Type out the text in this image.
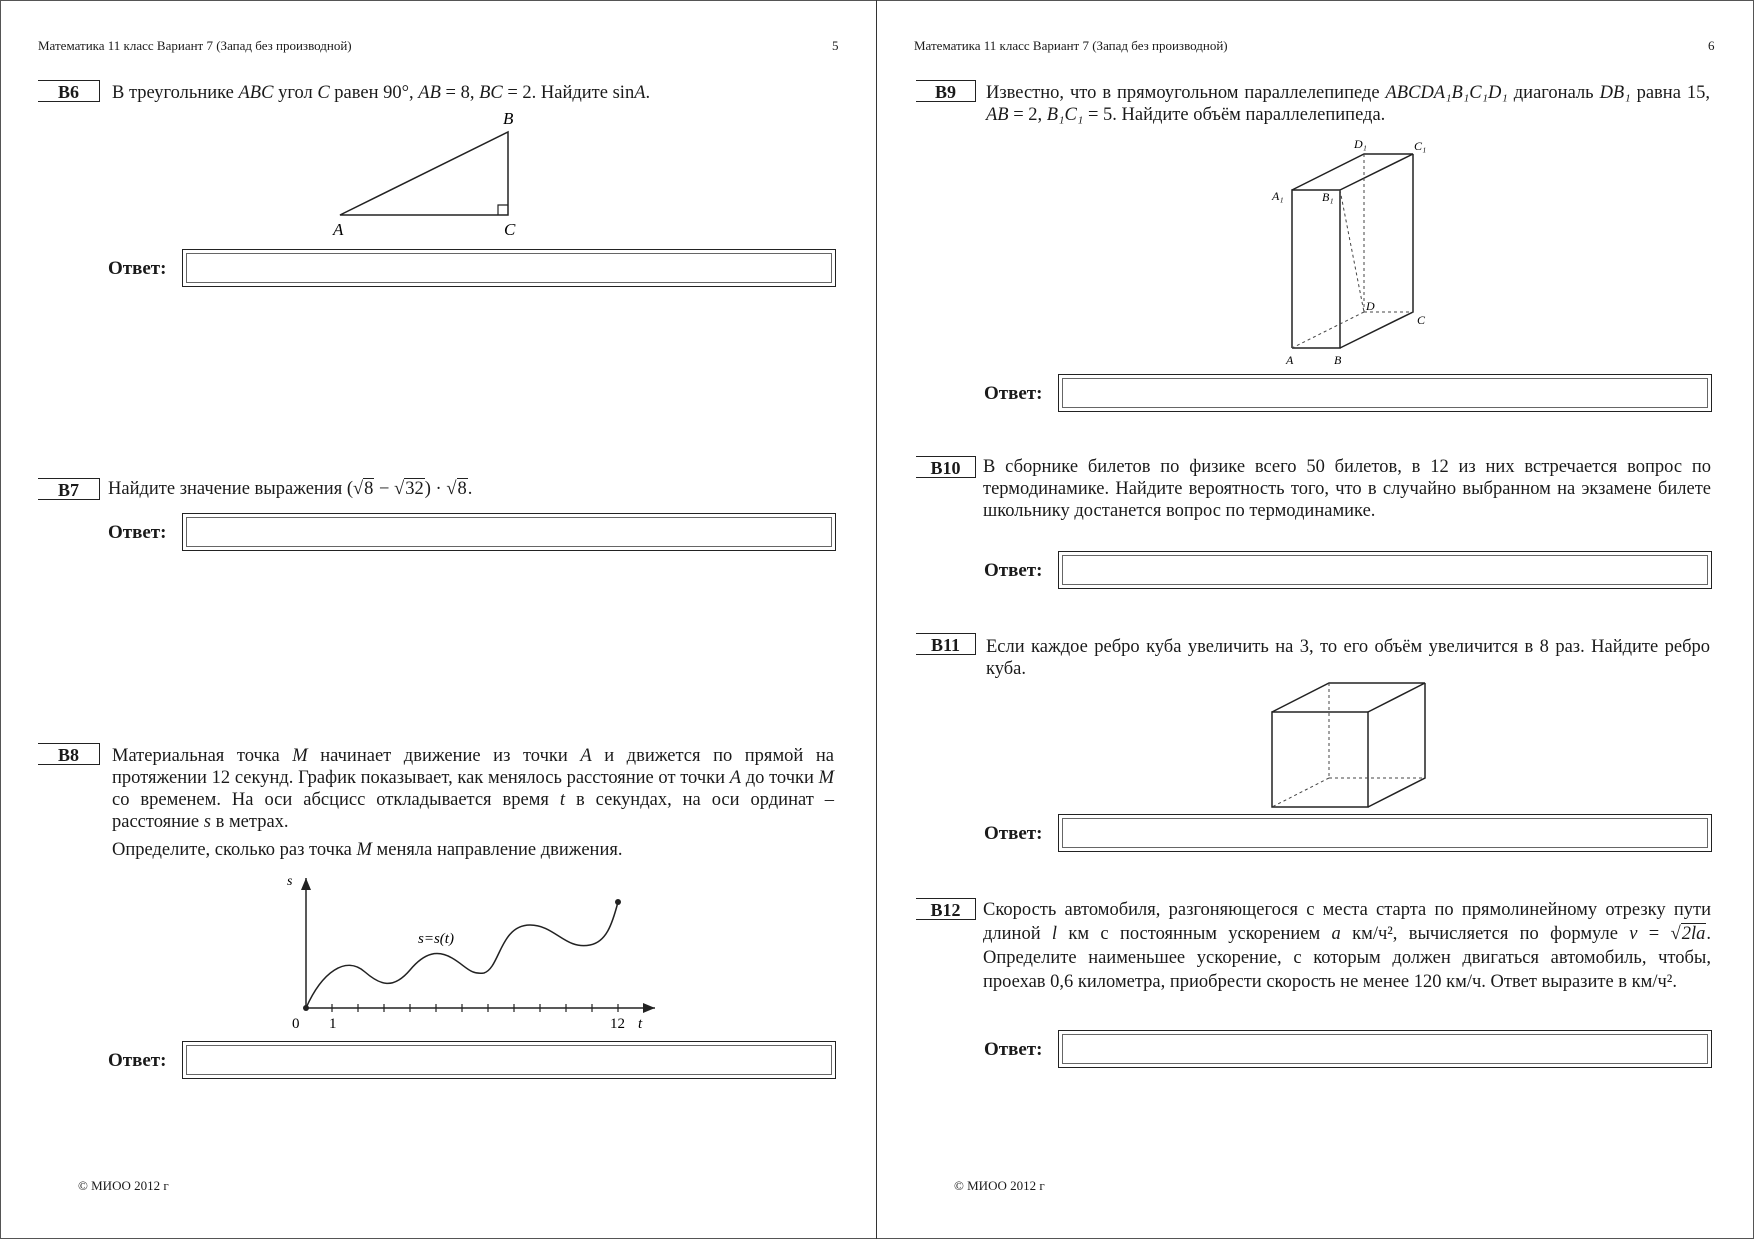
Математика 11 класс Вариант 7 (Запад без производной)	5
© МИОО 2012 г
В6	В треугольнике ABC угол C равен 90°, AB = 8, BC = 2. Найдите sinA.
A
B
C
Ответ:
В7	Найдите значение выражения (√8 − √32) · √8.
Ответ:
В8	Материальная точка M начинает движение из точки A и движется по прямой на протяжении 12 секунд. График показывает, как менялось расстояние от точки A до точки M со временем. На оси абсцисс откладывается время t в секундах, на оси ординат – расстояние s в метрах.

Определите, сколько раз точка M меняла направление движения.

s
t
0 1	12
s=s(t)
Ответ:
Математика 11 класс Вариант 7 (Запад без производной)	6
© МИОО 2012 г
В9	Известно, что в прямоугольном параллелепипеде ABCDA₁B₁C₁D₁ диагональ DB₁ равна 15, AB = 2, B₁C₁ = 5. Найдите объём параллелепипеда.
A	B
C
D
A₁	B₁
C₁
D₁
Ответ:
В10	В сборнике билетов по физике всего 50 билетов, в 12 из них встречается вопрос по термодинамике. Найдите вероятность того, что в случайно выбранном на экзамене билете школьнику достанется вопрос по термодинамике.
Ответ:
В11	Если каждое ребро куба увеличить на 3, то его объём увеличится в 8 раз. Найдите ребро куба.
Ответ:
В12	Скорость автомобиля, разгоняющегося с места старта по прямолинейному отрезку пути длиной l км с постоянным ускорением a км/ч², вычисляется по формуле v = √2la. Определите наименьшее ускорение, с которым должен двигаться автомобиль, чтобы, проехав 0,6 километра, приобрести скорость не менее 120 км/ч. Ответ выразите в км/ч².
Ответ:
